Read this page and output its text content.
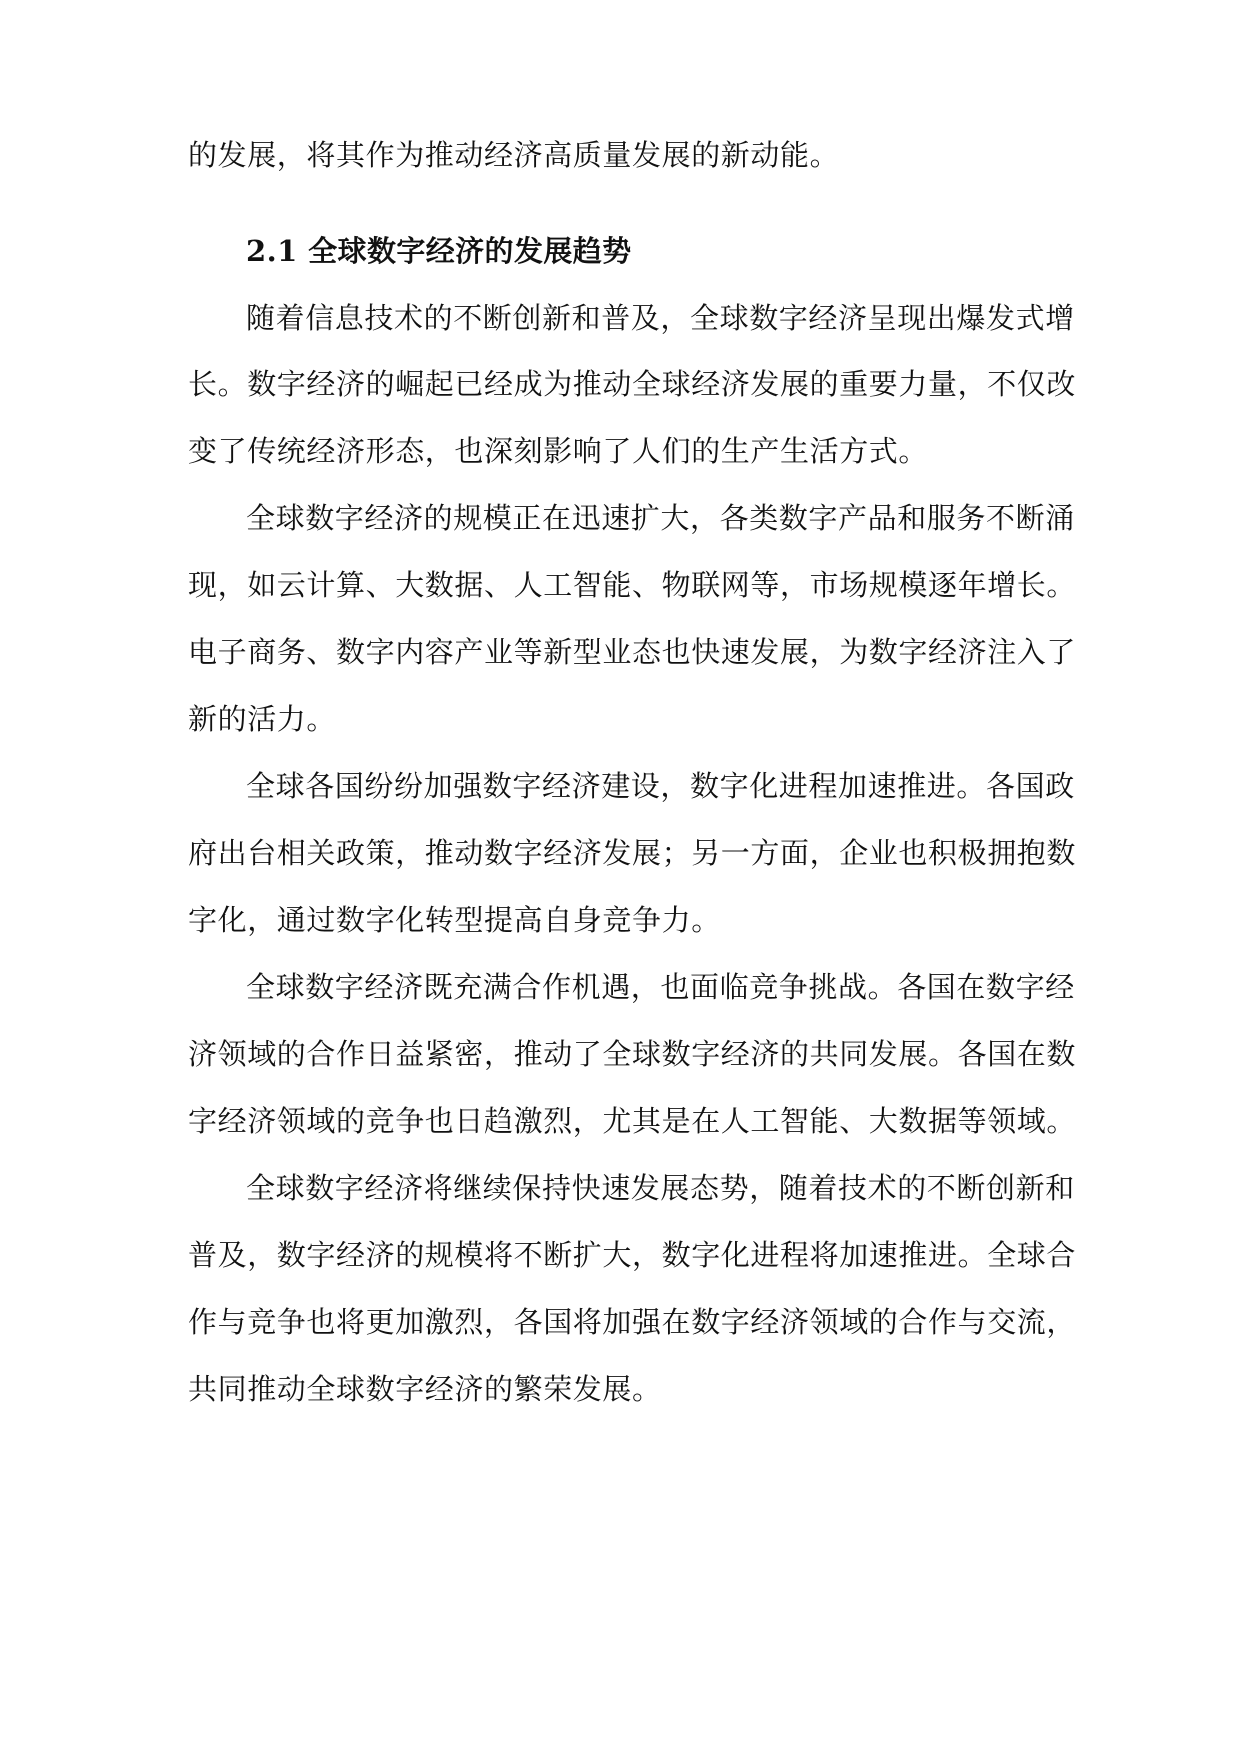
的发展，将其作为推动经济高质量发展的新动能。
2.1 全球数字经济的发展趋势
随着信息技术的不断创新和普及，全球数字经济呈现出爆发式增
长。数字经济的崛起已经成为推动全球经济发展的重要力量，不仅改
变了传统经济形态，也深刻影响了人们的生产生活方式。
全球数字经济的规模正在迅速扩大，各类数字产品和服务不断涌
现，如云计算、大数据、人工智能、物联网等，市场规模逐年增长。
电子商务、数字内容产业等新型业态也快速发展，为数字经济注入了
新的活力。
全球各国纷纷加强数字经济建设，数字化进程加速推进。各国政
府出台相关政策，推动数字经济发展；另一方面，企业也积极拥抱数
字化，通过数字化转型提高自身竞争力。
全球数字经济既充满合作机遇，也面临竞争挑战。各国在数字经
济领域的合作日益紧密，推动了全球数字经济的共同发展。各国在数
字经济领域的竞争也日趋激烈，尤其是在人工智能、大数据等领域。
全球数字经济将继续保持快速发展态势，随着技术的不断创新和
普及，数字经济的规模将不断扩大，数字化进程将加速推进。全球合
作与竞争也将更加激烈，各国将加强在数字经济领域的合作与交流，
共同推动全球数字经济的繁荣发展。
